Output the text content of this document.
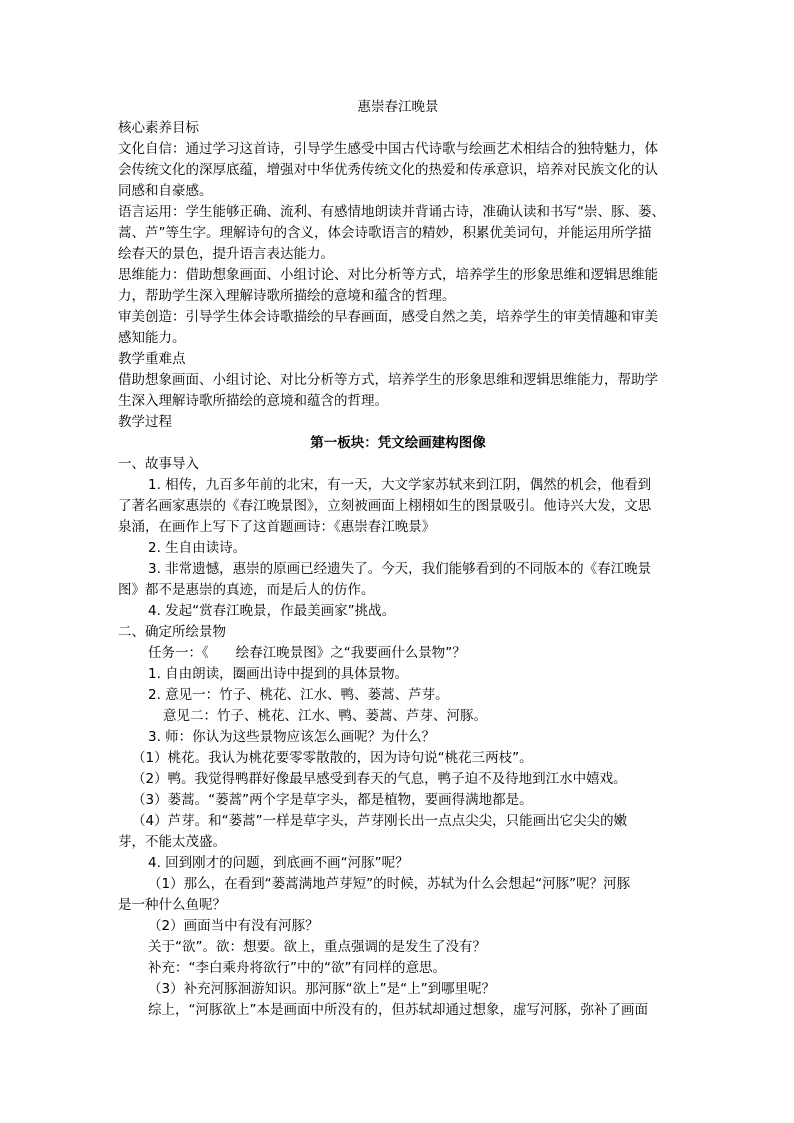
惠崇春江晚景
核心素养目标
文化自信：通过学习这首诗，引导学生感受中国古代诗歌与绘画艺术相结合的独特魅力，体
会传统文化的深厚底蕴，增强对中华优秀传统文化的热爱和传承意识，培养对民族文化的认
同感和自豪感。
语言运用：学生能够正确、流利、有感情地朗读并背诵古诗，准确认读和书写“崇、豚、蒌、
蒿、芦”等生字。理解诗句的含义，体会诗歌语言的精妙，积累优美词句，并能运用所学描
绘春天的景色，提升语言表达能力。
思维能力：借助想象画面、小组讨论、对比分析等方式，培养学生的形象思维和逻辑思维能
力，帮助学生深入理解诗歌所描绘的意境和蕴含的哲理。
审美创造：引导学生体会诗歌描绘的早春画面，感受自然之美，培养学生的审美情趣和审美
感知能力。
教学重难点
借助想象画面、小组讨论、对比分析等方式，培养学生的形象思维和逻辑思维能力，帮助学
生深入理解诗歌所描绘的意境和蕴含的哲理。
教学过程
第一板块：凭文绘画建构图像
一、故事导入
1. 相传，九百多年前的北宋，有一天，大文学家苏轼来到江阴，偶然的机会，他看到
了著名画家惠崇的《春江晚景图》，立刻被画面上栩栩如生的图景吸引。他诗兴大发，文思
泉涌，在画作上写下了这首题画诗：《惠崇春江晚景》
2. 生自由读诗。
3. 非常遗憾，惠崇的原画已经遗失了。今天，我们能够看到的不同版本的《春江晚景
图》都不是惠崇的真迹，而是后人的仿作。
4. 发起“赏春江晚景，作最美画家”挑战。
二、确定所绘景物
任务一：《　　绘春江晚景图》之“我要画什么景物”？
1. 自由朗读，圈画出诗中提到的具体景物。
2. 意见一：竹子、桃花、江水、鸭、蒌蒿、芦芽。
意见二：竹子、桃花、江水、鸭、蒌蒿、芦芽、河豚。
3. 师：你认为这些景物应该怎么画呢？为什么？
（1）桃花。我认为桃花要零零散散的，因为诗句说“桃花三两枝”。
（2）鸭。我觉得鸭群好像最早感受到春天的气息，鸭子迫不及待地到江水中嬉戏。
（3）蒌蒿。“蒌蒿”两个字是草字头，都是植物，要画得满地都是。
（4）芦芽。和“蒌蒿”一样是草字头，芦芽刚长出一点点尖尖，只能画出它尖尖的嫩
芽，不能太茂盛。
4. 回到刚才的问题，到底画不画“河豚”呢？
（1）那么，在看到“蒌蒿满地芦芽短”的时候，苏轼为什么会想起“河豚”呢？河豚
是一种什么鱼呢？
（2）画面当中有没有河豚？
关于“欲”。欲：想要。欲上，重点强调的是发生了没有？
补充：“李白乘舟将欲行”中的“欲”有同样的意思。
（3）补充河豚洄游知识。那河豚“欲上”是“上”到哪里呢？
综上，“河豚欲上”本是画面中所没有的，但苏轼却通过想象，虚写河豚，弥补了画面
